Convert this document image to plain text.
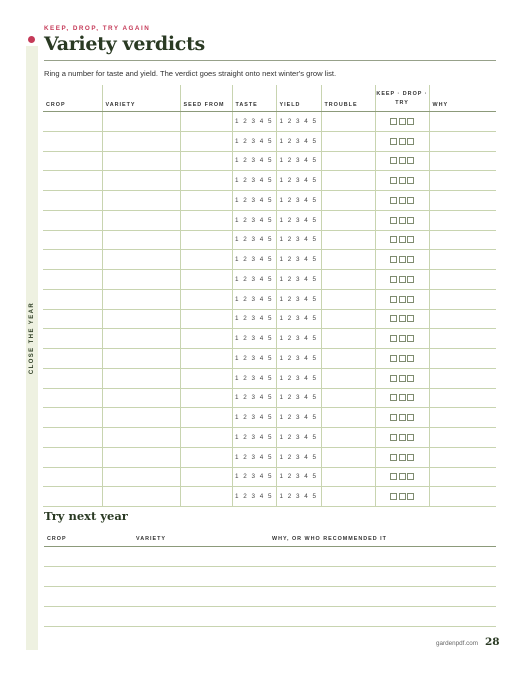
CLOSE THE YEAR
KEEP, DROP, TRY AGAIN
Variety verdicts
Ring a number for taste and yield. The verdict goes straight onto next winter's grow list.
CROP	VARIETY	SEED FROM	TASTE	YIELD	TROUBLE	KEEP · DROP · TRY	WHY
			1 2 3 4 5	1 2 3 4 5			
			1 2 3 4 5	1 2 3 4 5			
			1 2 3 4 5	1 2 3 4 5			
			1 2 3 4 5	1 2 3 4 5			
			1 2 3 4 5	1 2 3 4 5			
			1 2 3 4 5	1 2 3 4 5			
			1 2 3 4 5	1 2 3 4 5			
			1 2 3 4 5	1 2 3 4 5			
			1 2 3 4 5	1 2 3 4 5			
			1 2 3 4 5	1 2 3 4 5			
			1 2 3 4 5	1 2 3 4 5			
			1 2 3 4 5	1 2 3 4 5			
			1 2 3 4 5	1 2 3 4 5			
			1 2 3 4 5	1 2 3 4 5			
			1 2 3 4 5	1 2 3 4 5			
			1 2 3 4 5	1 2 3 4 5			
			1 2 3 4 5	1 2 3 4 5			
			1 2 3 4 5	1 2 3 4 5			
			1 2 3 4 5	1 2 3 4 5			
			1 2 3 4 5	1 2 3 4 5			
Try next year
CROP	VARIETY	WHY, OR WHO RECOMMENDED IT
gardenpdf.com 28
